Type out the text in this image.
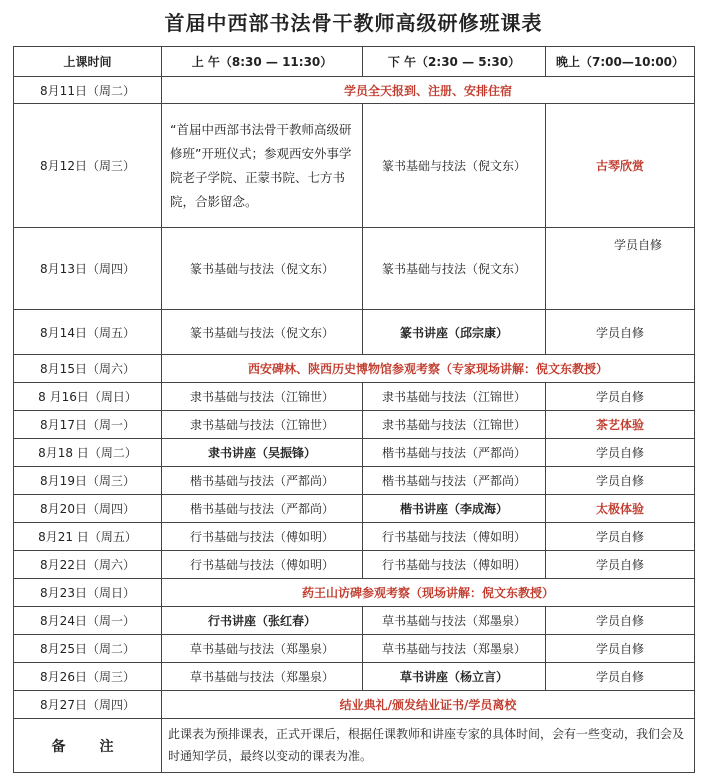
首届中西部书法骨干教师高级研修班课表
上课时间	上 午（8:30 — 11:30）	下 午（2:30 — 5:30）	晚上（7:00—10:00）
8月11日（周二）	学员全天报到、注册、安排住宿		
8月12日（周三）	“首届中西部书法骨干教师高级研修班”开班仪式；参观西安外事学院老子学院、正蒙书院、七方书院，合影留念。	篆书基础与技法（倪文东）	古琴欣赏
8月13日（周四）	篆书基础与技法（倪文东）	篆书基础与技法（倪文东）	学员自修
8月14日（周五）	篆书基础与技法（倪文东）	篆书讲座（邱宗康）	学员自修
8月15日（周六）	西安碑林、陕西历史博物馆参观考察（专家现场讲解：倪文东教授）		
8 月16日（周日）	隶书基础与技法（江锦世）	隶书基础与技法（江锦世）	学员自修
8月17日（周一）	隶书基础与技法（江锦世）	隶书基础与技法（江锦世）	茶艺体验
8月18 日（周二）	隶书讲座（吴振锋）	楷书基础与技法（严都尚）	学员自修
8月19日（周三）	楷书基础与技法（严都尚）	楷书基础与技法（严都尚）	学员自修
8月20日（周四）	楷书基础与技法（严都尚）	楷书讲座（李成海）	太极体验
8月21 日（周五）	行书基础与技法（傅如明）	行书基础与技法（傅如明）	学员自修
8月22日（周六）	行书基础与技法（傅如明）	行书基础与技法（傅如明）	学员自修
8月23日（周日）	药王山访碑参观考察（现场讲解：倪文东教授）		
8月24日（周一）	行书讲座（张红春）	草书基础与技法（郑墨泉）	学员自修
8月25日（周二）	草书基础与技法（郑墨泉）	草书基础与技法（郑墨泉）	学员自修
8月26日（周三）	草书基础与技法（郑墨泉）	草书讲座（杨立言）	学员自修
8月27日（周四）	结业典礼/颁发结业证书/学员离校		
备　注	此课表为预排课表，正式开课后，根据任课教师和讲座专家的具体时间，会有一些变动，我们会及时通知学员，最终以变动的课表为准。		
